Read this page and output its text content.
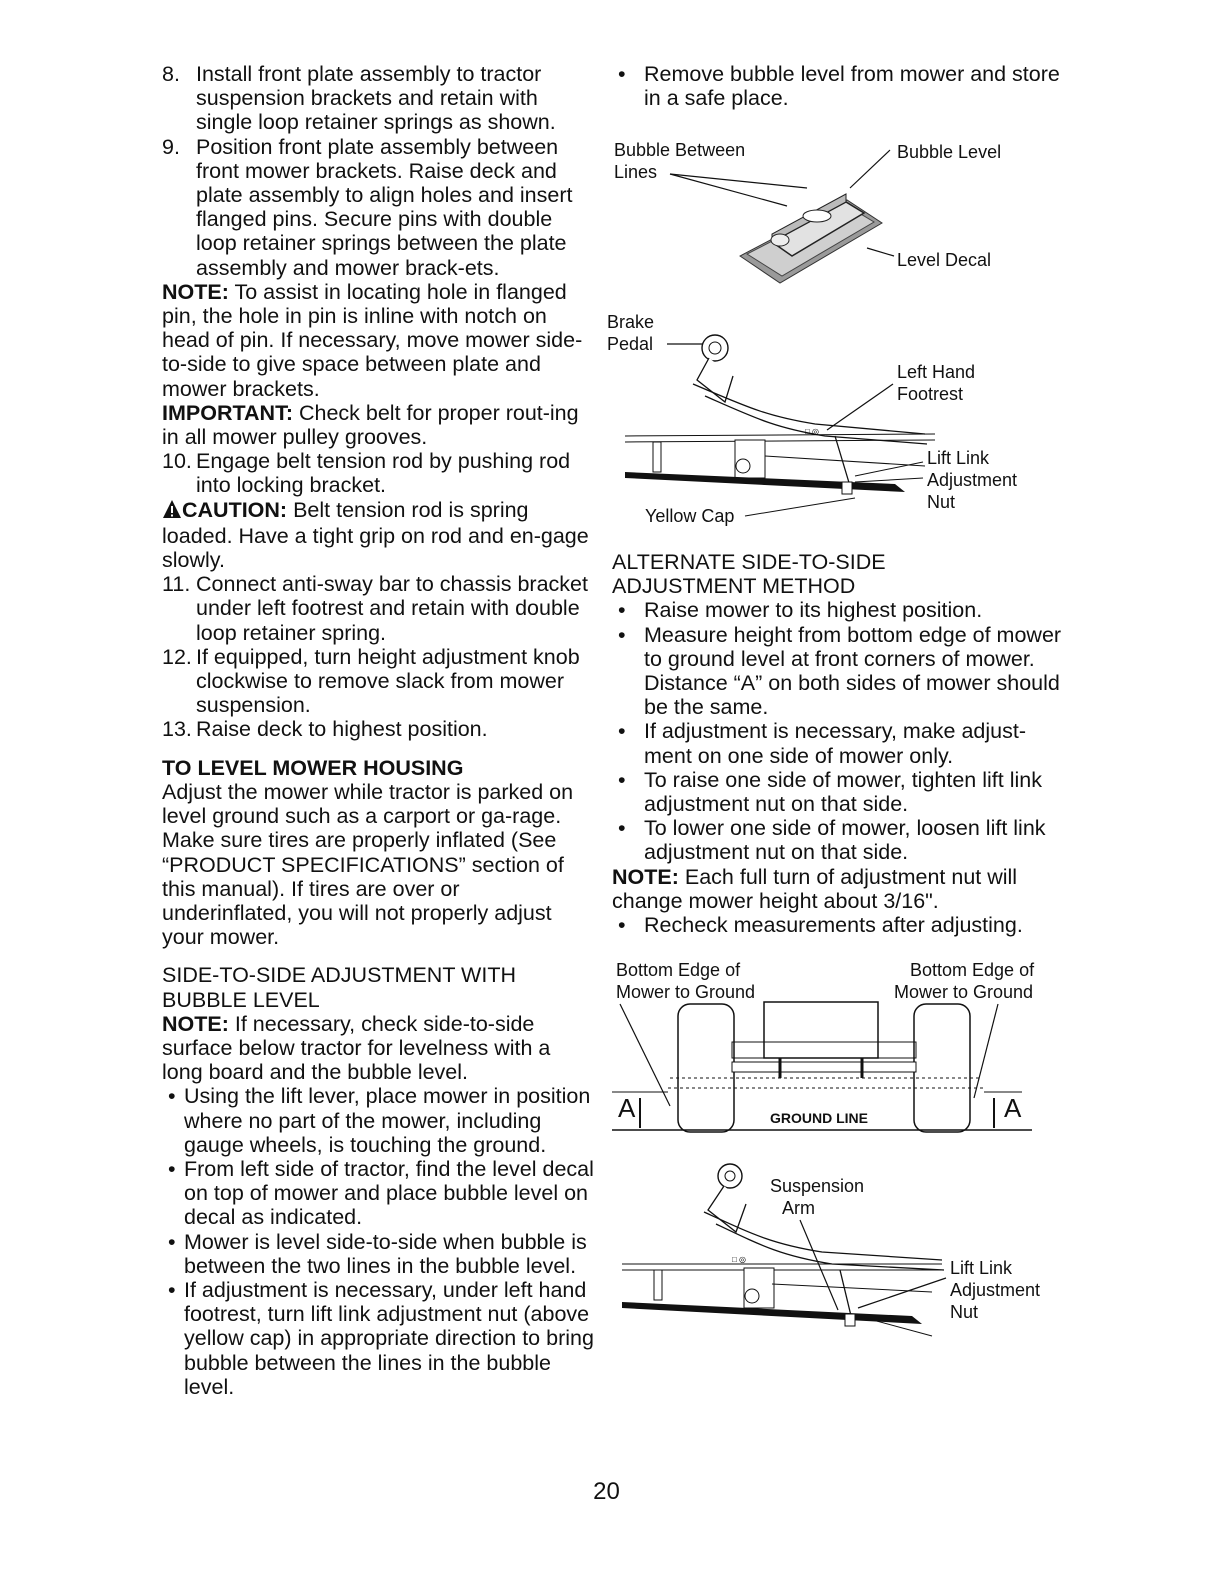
8. Install front plate assembly to tractor suspension brackets and retain with single loop retainer springs as shown.

9. Position front plate assembly between front mower brackets. Raise deck and plate assembly to align holes and insert flanged pins. Secure pins with double loop retainer springs between the plate assembly and mower brack-ets.

NOTE: To assist in locating hole in flanged pin, the hole in pin is inline with notch on head of pin. If necessary, move mower side-to-side to give space between plate and mower brackets.

IMPORTANT: Check belt for proper rout-ing in all mower pulley grooves.

10. Engage belt tension rod by pushing rod into locking bracket.

CAUTION: Belt tension rod is spring loaded. Have a tight grip on rod and en-gage slowly.

11. Connect anti-sway bar to chassis bracket under left footrest and retain with double loop retainer spring.

12. If equipped, turn height adjustment knob clockwise to remove slack from mower suspension.

13. Raise deck to highest position.

TO LEVEL MOWER HOUSING

Adjust the mower while tractor is parked on level ground such as a carport or ga-rage. Make sure tires are properly inflated (See “PRODUCT SPECIFICATIONS” section of this manual). If tires are over or underinflated, you will not properly adjust your mower.

SIDE-TO-SIDE ADJUSTMENT WITH BUBBLE LEVEL

NOTE: If necessary, check side-to-side surface below tractor for levelness with a long board and the bubble level.

• Using the lift lever, place mower in position where no part of the mower, including gauge wheels, is touching the ground.

• From left side of tractor, find the level decal on top of mower and place bubble level on decal as indicated.

• Mower is level side-to-side when bubble is between the two lines in the bubble level.

• If adjustment is necessary, under left hand footrest, turn lift link adjustment nut (above yellow cap) in appropriate direction to bring bubble between the lines in the bubble level.

• Remove bubble level from mower and store in a safe place.

Bubble Between
Lines
Bubble Level
Level Decal
Brake
Pedal
Left Hand
Footrest
Lift Link
Adjustment
Nut
Yellow Cap
□ ◎

ALTERNATE SIDE-TO-SIDE ADJUSTMENT METHOD

• Raise mower to its highest position.

• Measure height from bottom edge of mower to ground level at front corners of mower. Distance “A” on both sides of mower should be the same.

• If adjustment is necessary, make adjust-ment on one side of mower only.

• To raise one side of mower, tighten lift link adjustment nut on that side.

• To lower one side of mower, loosen lift link adjustment nut on that side.

NOTE: Each full turn of adjustment nut will change mower height about 3/16".

• Recheck measurements after adjusting.

Bottom Edge of
Mower to Ground
Bottom Edge of
Mower to Ground
A	A
GROUND LINE
Suspension
Arm
Lift Link
Adjustment
Nut
□ ◎
20
